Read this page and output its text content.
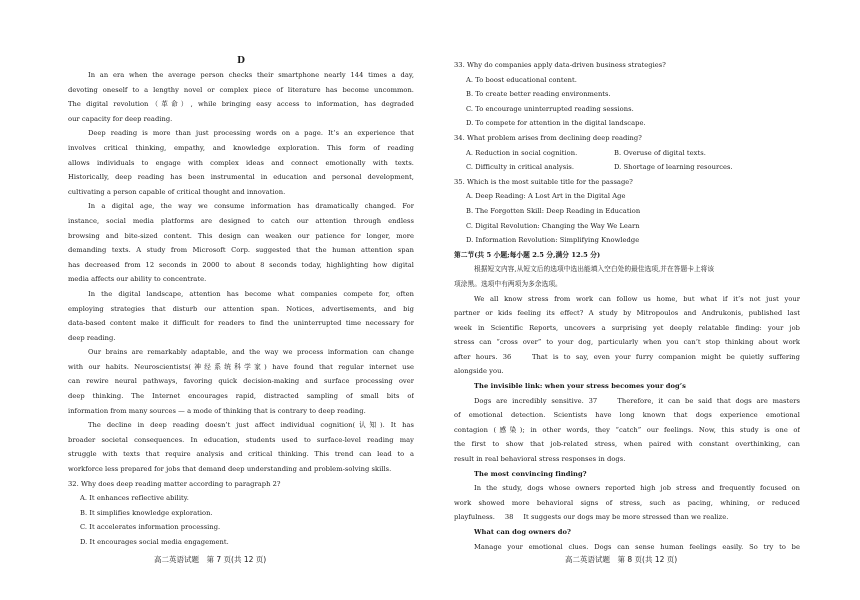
D
In an era when the average person checks their smartphone nearly 144 times a day,
devoting oneself to a lengthy novel or complex piece of literature has become uncommon.
The digital revolution（革命）, while bringing easy access to information, has degraded
our capacity for deep reading.
Deep reading is more than just processing words on a page. It’s an experience that
involves critical thinking, empathy, and knowledge exploration. This form of reading
allows individuals to engage with complex ideas and connect emotionally with texts.
Historically, deep reading has been instrumental in education and personal development,
cultivating a person capable of critical thought and innovation.
In a digital age, the way we consume information has dramatically changed. For
instance, social media platforms are designed to catch our attention through endless
browsing and bite-sized content. This design can weaken our patience for longer, more
demanding texts. A study from Microsoft Corp. suggested that the human attention span
has decreased from 12 seconds in 2000 to about 8 seconds today, highlighting how digital
media affects our ability to concentrate.
In the digital landscape, attention has become what companies compete for, often
employing strategies that disturb our attention span. Notices, advertisements, and big
data-based content make it difficult for readers to find the uninterrupted time necessary for
deep reading.
Our brains are remarkably adaptable, and the way we process information can change
with our habits. Neuroscientists(神经系统科学家) have found that regular internet use
can rewire neural pathways, favoring quick decision-making and surface processing over
deep thinking. The Internet encourages rapid, distracted sampling of small bits of
information from many sources — a mode of thinking that is contrary to deep reading.
The decline in deep reading doesn’t just affect individual cognition(认知). It has
broader societal consequences. In education, students used to surface-level reading may
struggle with texts that require analysis and critical thinking. This trend can lead to a
workforce less prepared for jobs that demand deep understanding and problem-solving skills.
32. Why does deep reading matter according to paragraph 2?
A. It enhances reflective ability.
B. It simplifies knowledge exploration.
C. It accelerates information processing.
D. It encourages social media engagement.
33. Why do companies apply data-driven business strategies?
A. To boost educational content.
B. To create better reading environments.
C. To encourage uninterrupted reading sessions.
D. To compete for attention in the digital landscape.
34. What problem arises from declining deep reading?
A. Reduction in social cognition.	B. Overuse of digital texts.
C. Difficulty in critical analysis.	D. Shortage of learning resources.
35. Which is the most suitable title for the passage?
A. Deep Reading: A Lost Art in the Digital Age
B. The Forgotten Skill: Deep Reading in Education
C. Digital Revolution: Changing the Way We Learn
D. Information Revolution: Simplifying Knowledge
第二节(共 5 小题;每小题 2.5 分,满分 12.5 分)
根据短文内容,从短文后的选项中选出能填入空白处的最佳选项,并在答题卡上将该
项涂黑。选项中有两项为多余选项。
We all know stress from work can follow us home, but what if it’s not just your
partner or kids feeling its effect? A study by Mitropoulos and Andrukonis, published last
week in Scientific Reports, uncovers a surprising yet deeply relatable finding: your job
stress can “cross over” to your dog, particularly when you can’t stop thinking about work
after hours. 36	That is to say, even your furry companion might be quietly suffering
alongside you.
The invisible link: when your stress becomes your dog’s
Dogs are incredibly sensitive. 37	Therefore, it can be said that dogs are masters
of emotional detection. Scientists have long known that dogs experience emotional
contagion (感染); in other words, they “catch” our feelings. Now, this study is one of
the first to show that job-related stress, when paired with constant overthinking, can
result in real behavioral stress responses in dogs.
The most convincing finding?
In the study, dogs whose owners reported high job stress and frequently focused on
work showed more behavioral signs of stress, such as pacing, whining, or reduced
playfulness. 38 It suggests our dogs may be more stressed than we realize.
What can dog owners do?
Manage your emotional clues. Dogs can sense human feelings easily. So try to be
高二英语试题　第 7 页(共 12 页)	高二英语试题　第 8 页(共 12 页)
